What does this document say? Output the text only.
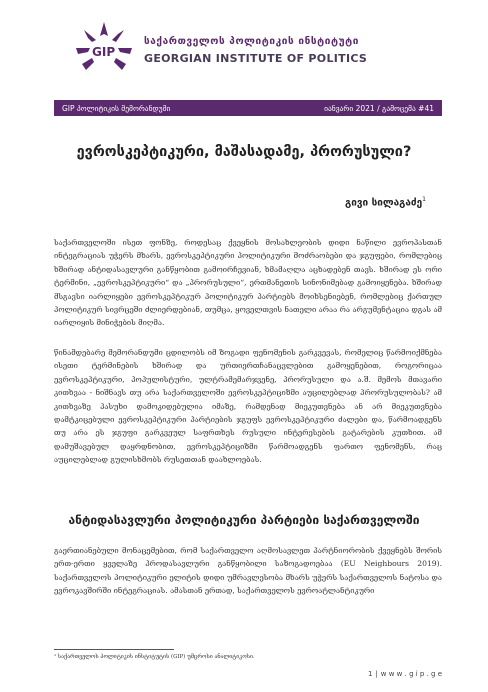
GIP
საქართველოს პოლიტიკის ინსტიტუტი
GEORGIAN INSTITUTE OF POLITICS
GIP პოლიტიკის მემორანდუმი	იანვარი 2021 / გამოცემა #41
ევროსკეპტიკური, მაშასადამე, პრორუსული?
გივი სილაგაძე$^1$

საქართველოში ისეთ ფონზე, როდესაც ქვეყნის მოსახლეობის დიდი ნაწილი ევროპასთან ინტეგრაციას უჭერს მხარს, ევროსკეპტიკური პოლიტიკური მოძრაობები და ჯგუფები, რომლებიც ხშირად ანტიდასავლური განწყობით გამოირჩევიან, ხმამაღლა აცხადებენ თავს. ხშირად ეს ორი ტერმინი, „ევროსკეპტიკური“ და „პრორუსული“, ერთმანეთის სინონიმებად გამოიყენება. ხშირად მსგავსი იარლიყები ევროსკეპტიკურ პოლიტიკურ პარტიებს მოიხსენიებენ, რომლებიც ქართულ პოლიტიკურ სივრცეში ძლიერდებიან, თუმცა, ყოველთვის ნათელი არაა რა არგუმენტაცია დგას ამ იარლიყის მინიჭების მიღმა.

წინამდებარე მემორანდუმი ცდილობს იმ ზოგადი ფენომენის გარკვევას, რომელიც წარმოიქმნება ისეთი ტერმინების ხშირად და ურთიერთჩანაცვლებით გამოყენებით, როგორიცაა ევროსკეპტიკური, პოპულისტური, ულტრამემარჯვენე, პრორუსული და ა.შ. მემოს მთავარი კითხვაა - ნიშნავს თუ არა საქართველოში ევროსკეპტიციზმი აუცილებლად პრორუსულობას? ამ კითხვაზე პასუხი დამოკიდებულია იმაზე, რამდენად მიეკუთვნება ან არ მიეკუთვნება დამტკიცებული ევროსკეპტიკური პარტიების ჯგუფს ევროსკეპტიკური ძალები და, წარმოადგენს თუ არა ეს ჯგუფი გარკვეულ საფრთხეს რუსული ინტერესების გატარების კუთხით. ამ დამუშავებულ დაყრდნობით, ევროსკეპტიციზმი წარმოადგენს ფართო ფენომენს, რაც აუცილებლად გულისხმობს რუსეთთან დაახლოებას.

ანტიდასავლური პოლიტიკური პარტიები საქართველოში

გაერთიანებული მონაცემებით, რომ საქართველო აღმოსავლეთ პარტნიორობის ქვეყნებს შორის ერთ-ერთი ყველაზე პროდასავლური განწყობილი საზოგადოებაა (EU Neighbours 2019). საქართველოს პოლიტიკური ელიტის დიდი უმრავლესობა მხარს უჭერს საქართველოს ნატოსა და ევროკავშირში ინტეგრაციას. ამასთან ერთად, საქართველოს ევროატლანტიკური

¹ საქართველოს პოლიტიკის ინსტიტუტის (GIP) უმცროსი ანალიტიკოსი.
1 | w w w . g i p . g e
